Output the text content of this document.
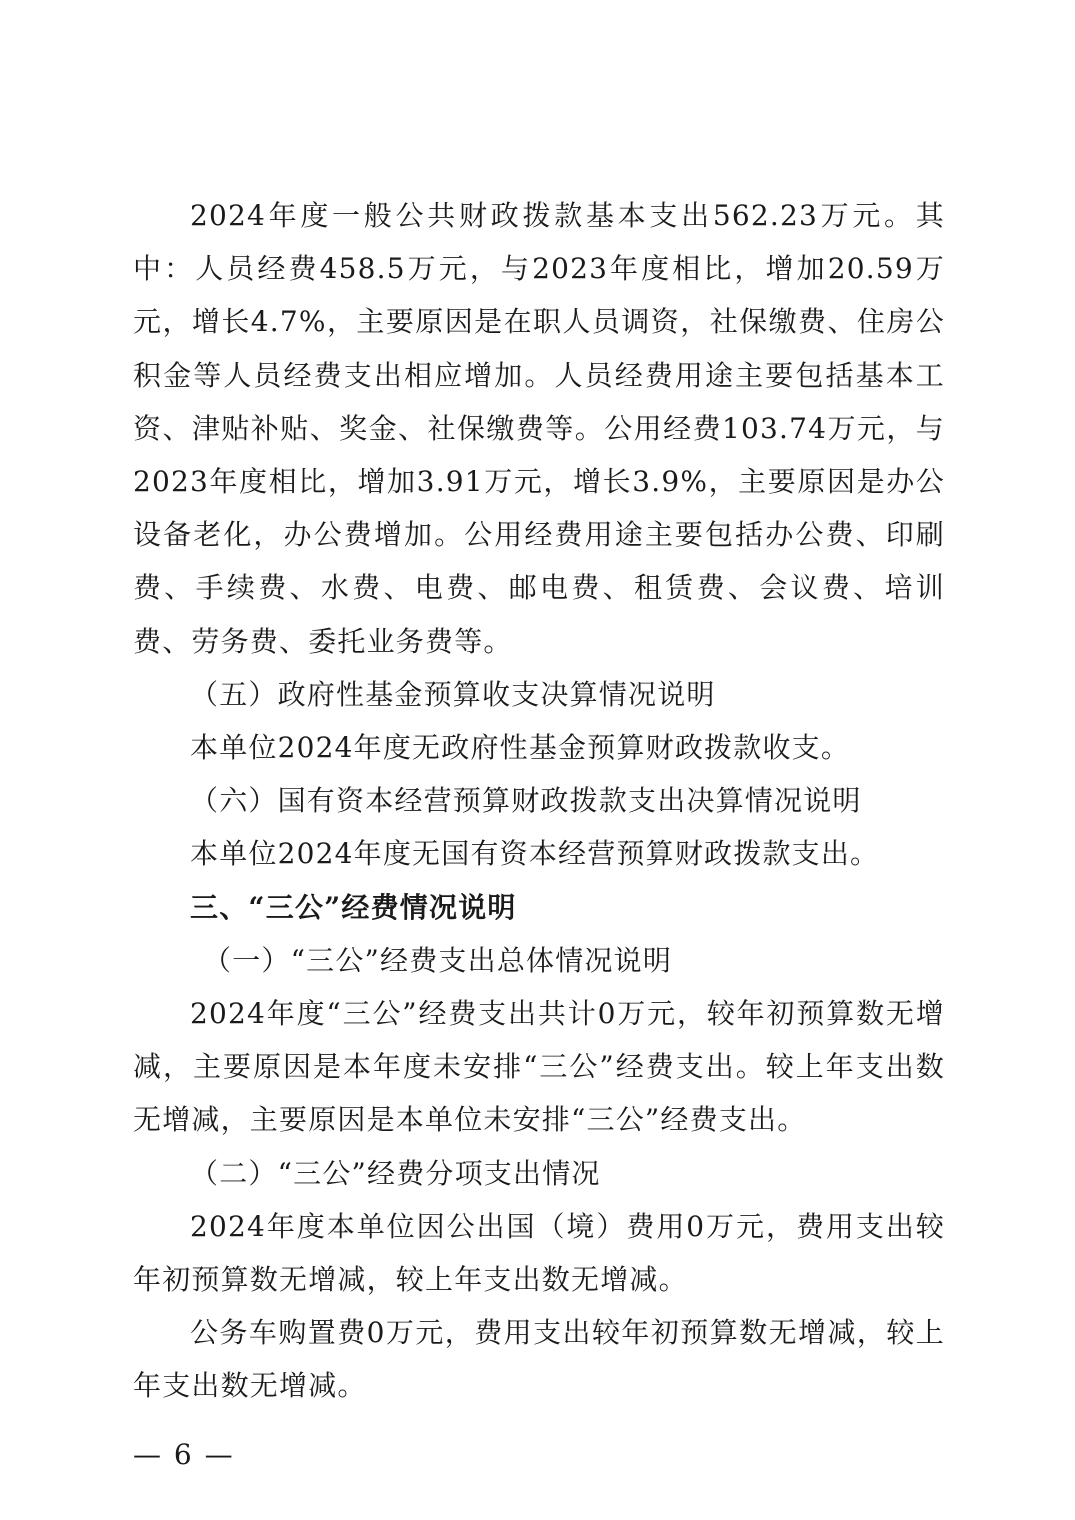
2024年度一般公共财政拨款基本支出562.23万元。其中：人员经费458.5万元，与2023年度相比，增加20.59万元，增长4.7%，主要原因是在职人员调资，社保缴费、住房公积金等人员经费支出相应增加。人员经费用途主要包括基本工资、津贴补贴、奖金、社保缴费等。公用经费103.74万元，与2023年度相比，增加3.91万元，增长3.9%，主要原因是办公设备老化，办公费增加。公用经费用途主要包括办公费、印刷费、手续费、水费、电费、邮电费、租赁费、会议费、培训费、劳务费、委托业务费等。

（五）政府性基金预算收支决算情况说明

本单位2024年度无政府性基金预算财政拨款收支。

（六）国有资本经营预算财政拨款支出决算情况说明

本单位2024年度无国有资本经营预算财政拨款支出。

三、“三公”经费情况说明

（一）“三公”经费支出总体情况说明

2024年度“三公”经费支出共计0万元，较年初预算数无增减，主要原因是本年度未安排“三公”经费支出。较上年支出数无增减，主要原因是本单位未安排“三公”经费支出。

（二）“三公”经费分项支出情况

2024年度本单位因公出国（境）费用0万元，费用支出较年初预算数无增减，较上年支出数无增减。

公务车购置费0万元，费用支出较年初预算数无增减，较上年支出数无增减。

— 6 —
